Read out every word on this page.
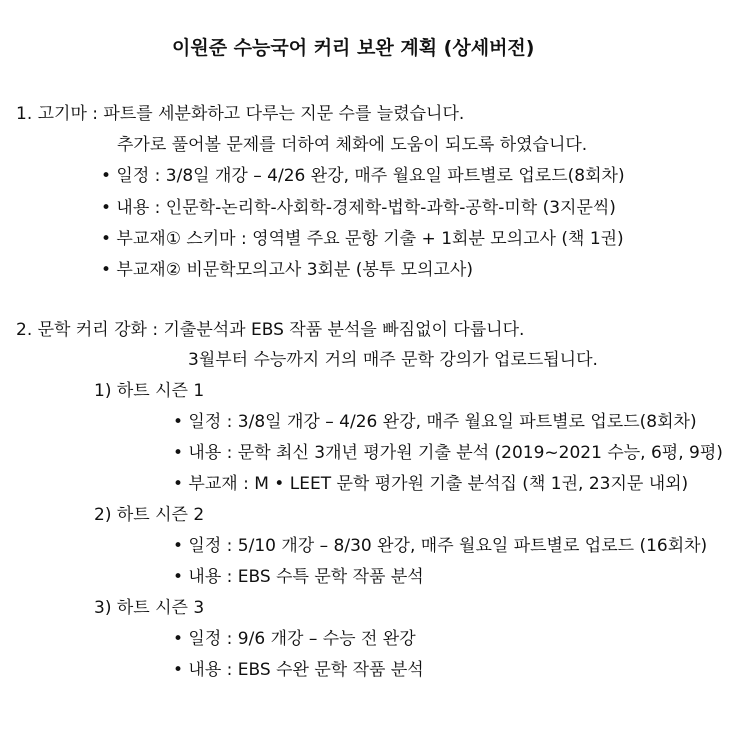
이원준 수능국어 커리 보완 계획 (상세버전)
1. 고기마 : 파트를 세분화하고 다루는 지문 수를 늘렸습니다.
추가로 풀어볼 문제를 더하여 체화에 도움이 되도록 하였습니다.
• 일정 : 3/8일 개강 – 4/26 완강, 매주 월요일 파트별로 업로드(8회차)
• 내용 : 인문학-논리학-사회학-경제학-법학-과학-공학-미학 (3지문씩)
• 부교재① 스키마 : 영역별 주요 문항 기출 + 1회분 모의고사 (책 1권)
• 부교재② 비문학모의고사 3회분 (봉투 모의고사)
2. 문학 커리 강화 : 기출분석과 EBS 작품 분석을 빠짐없이 다룹니다.
3월부터 수능까지 거의 매주 문학 강의가 업로드됩니다.
1) 하트 시즌 1
• 일정 : 3/8일 개강 – 4/26 완강, 매주 월요일 파트별로 업로드(8회차)
• 내용 : 문학 최신 3개년 평가원 기출 분석 (2019~2021 수능, 6평, 9평)
• 부교재 : M • LEET 문학 평가원 기출 분석집 (책 1권, 23지문 내외)
2) 하트 시즌 2
• 일정 : 5/10 개강 – 8/30 완강, 매주 월요일 파트별로 업로드 (16회차)
• 내용 : EBS 수특 문학 작품 분석
3) 하트 시즌 3
• 일정 : 9/6 개강 – 수능 전 완강
• 내용 : EBS 수완 문학 작품 분석
